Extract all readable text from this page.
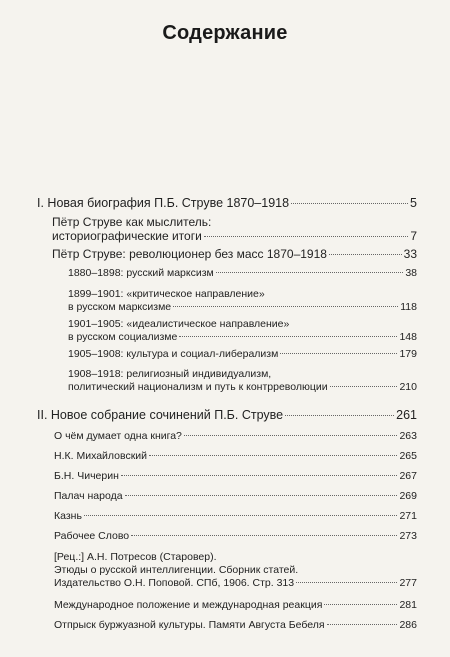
Содержание
I. Новая биография П.Б. Струве 1870–1918	5
Пётр Струве как мыслитель:
историографические итоги	7
Пётр Струве: революционер без масс 1870–1918	33
1880–1898: русский марксизм	38
1899–1901: «критическое направление»
в русском марксизме	118
1901–1905: «идеалистическое направление»
в русском социализме	148
1905–1908: культура и социал-либерализм	179
1908–1918: религиозный индивидуализм,
политический национализм и путь к контрреволюции	210
II. Новое собрание сочинений П.Б. Струве	261
О чём думает одна книга?	263
Н.К. Михайловский	265
Б.Н. Чичерин	267
Палач народа	269
Казнь	271
Рабочее Слово	273
[Рец.:] А.Н. Потресов (Старовер).
Этюды о русской интеллигенции. Сборник статей.
Издательство О.Н. Поповой. СПб, 1906. Стр. 313	277
Международное положение и международная реакция	281
Отпрыск буржуазной культуры. Памяти Августа Бебеля	286
